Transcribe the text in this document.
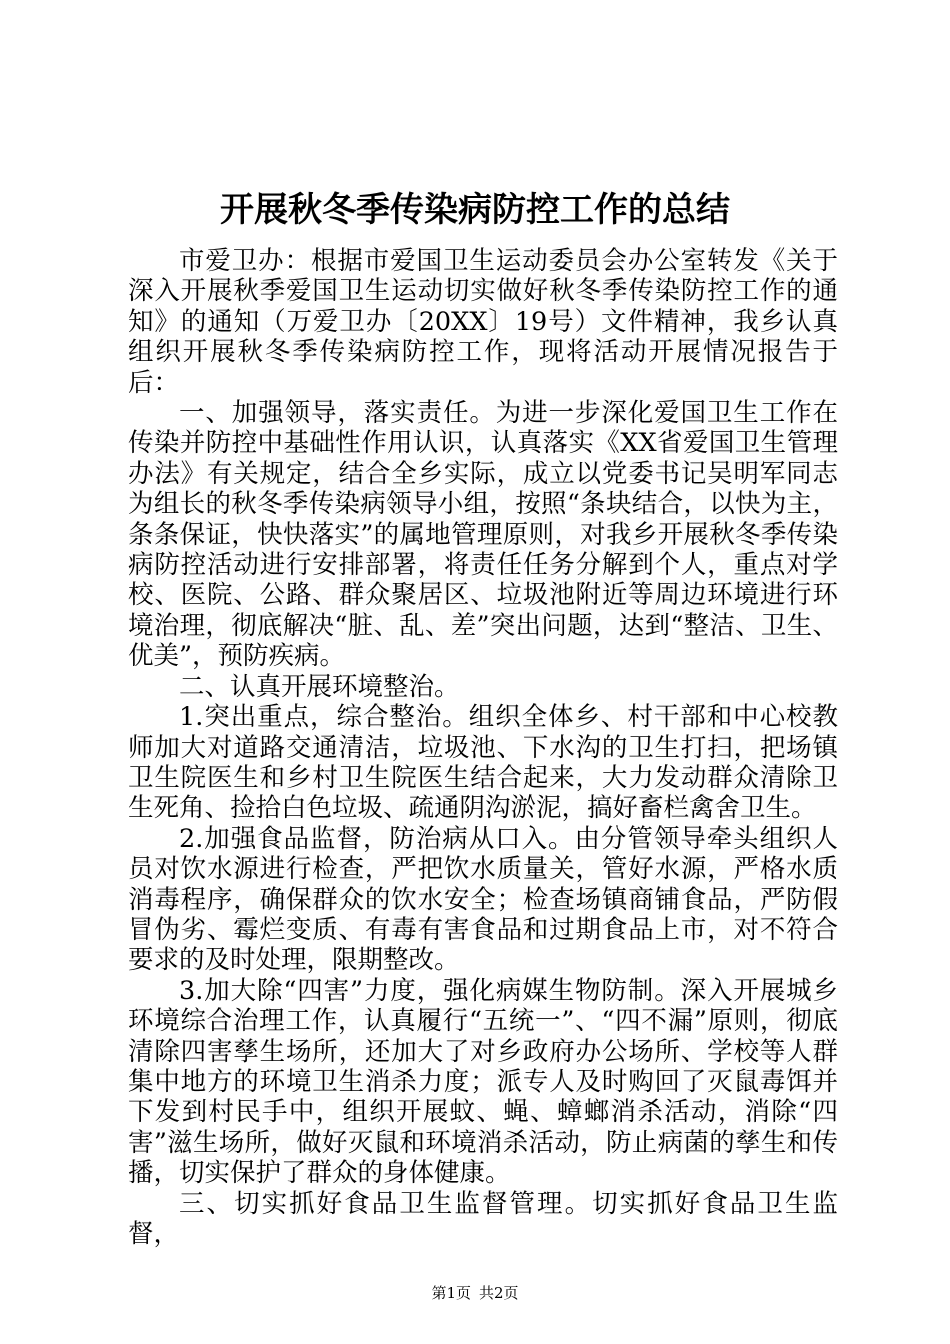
开展秋冬季传染病防控工作的总结

市爱卫办：根据市爱国卫生运动委员会办公室转发《关于深入开展秋季爱国卫生运动切实做好秋冬季传染防控工作的通知》的通知（万爱卫办〔20XX〕19号）文件精神，我乡认真组织开展秋冬季传染病防控工作，现将活动开展情况报告于后：

一、加强领导，落实责任。为进一步深化爱国卫生工作在传染并防控中基础性作用认识，认真落实《XX省爱国卫生管理办法》有关规定，结合全乡实际，成立以党委书记吴明军同志为组长的秋冬季传染病领导小组，按照“条块结合，以快为主，条条保证，快快落实”的属地管理原则，对我乡开展秋冬季传染病防控活动进行安排部署，将责任任务分解到个人，重点对学校、医院、公路、群众聚居区、垃圾池附近等周边环境进行环境治理，彻底解决“脏、乱、差”突出问题，达到“整洁、卫生、优美”，预防疾病。

二、认真开展环境整治。

1.突出重点，综合整治。组织全体乡、村干部和中心校教师加大对道路交通清洁，垃圾池、下水沟的卫生打扫，把场镇卫生院医生和乡村卫生院医生结合起来，大力发动群众清除卫生死角、捡拾白色垃圾、疏通阴沟淤泥，搞好畜栏禽舍卫生。

2.加强食品监督，防治病从口入。由分管领导牵头组织人员对饮水源进行检查，严把饮水质量关，管好水源，严格水质消毒程序，确保群众的饮水安全；检查场镇商铺食品，严防假冒伪劣、霉烂变质、有毒有害食品和过期食品上市，对不符合要求的及时处理，限期整改。

3.加大除“四害”力度，强化病媒生物防制。深入开展城乡环境综合治理工作，认真履行“五统一”、“四不漏”原则，彻底清除四害孳生场所，还加大了对乡政府办公场所、学校等人群集中地方的环境卫生消杀力度；派专人及时购回了灭鼠毒饵并下发到村民手中，组织开展蚊、蝇、蟑螂消杀活动，消除“四害”滋生场所，做好灭鼠和环境消杀活动，防止病菌的孳生和传播，切实保护了群众的身体健康。

三、切实抓好食品卫生监督管理。切实抓好食品卫生监督，

第1页 共2页
